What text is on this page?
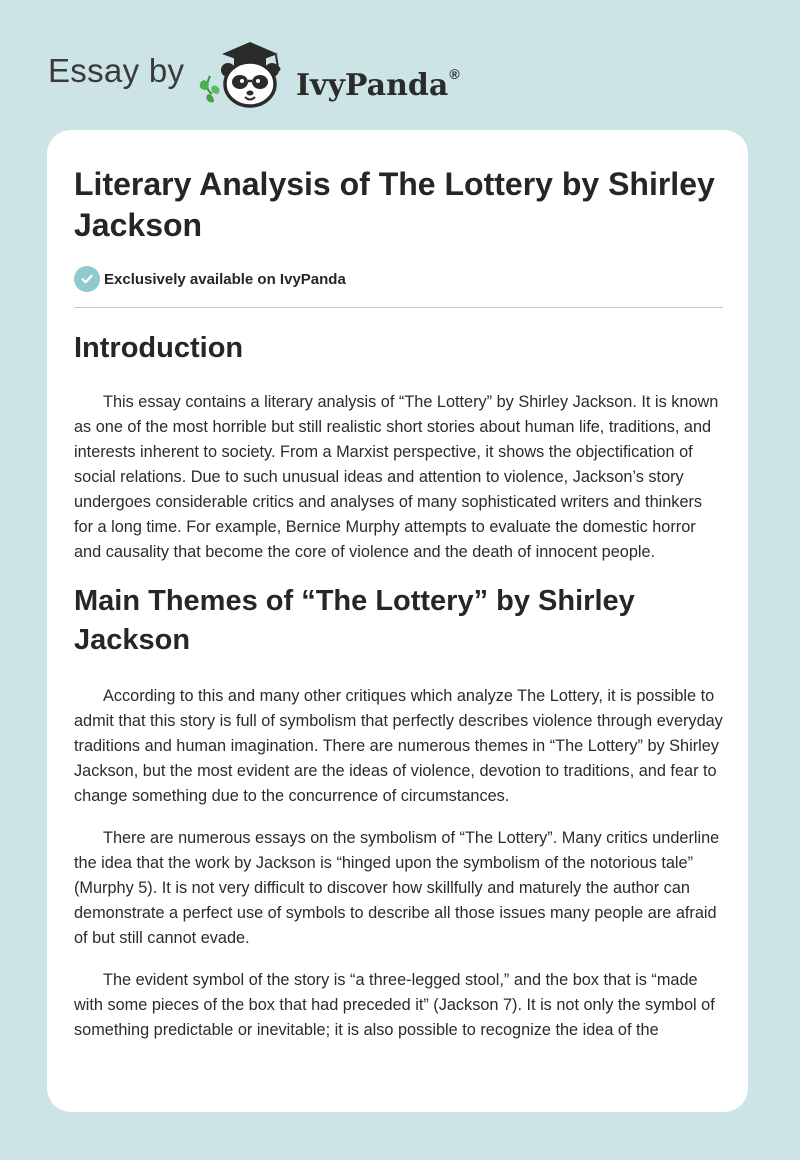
Essay by	IvyPanda®
Literary Analysis of The Lottery by Shirley Jackson
Exclusively available on IvyPanda
Introduction

This essay contains a literary analysis of “The Lottery” by Shirley Jackson. It is known as one of the most horrible but still realistic short stories about human life, traditions, and interests inherent to society. From a Marxist perspective, it shows the objectification of social relations. Due to such unusual ideas and attention to violence, Jackson’s story undergoes considerable critics and analyses of many sophisticated writers and thinkers for a long time. For example, Bernice Murphy attempts to evaluate the domestic horror and causality that become the core of violence and the death of innocent people.

Main Themes of “The Lottery” by Shirley Jackson

According to this and many other critiques which analyze The Lottery, it is possible to admit that this story is full of symbolism that perfectly describes violence through everyday traditions and human imagination. There are numerous themes in “The Lottery” by Shirley Jackson, but the most evident are the ideas of violence, devotion to traditions, and fear to change something due to the concurrence of circumstances.

There are numerous essays on the symbolism of “The Lottery”. Many critics underline the idea that the work by Jackson is “hinged upon the symbolism of the notorious tale” (Murphy 5). It is not very difficult to discover how skillfully and maturely the author can demonstrate a perfect use of symbols to describe all those issues many people are afraid of but still cannot evade.

The evident symbol of the story is “a three-legged stool,” and the box that is “made with some pieces of the box that had preceded it” (Jackson 7). It is not only the symbol of something predictable or inevitable; it is also possible to recognize the idea of the
